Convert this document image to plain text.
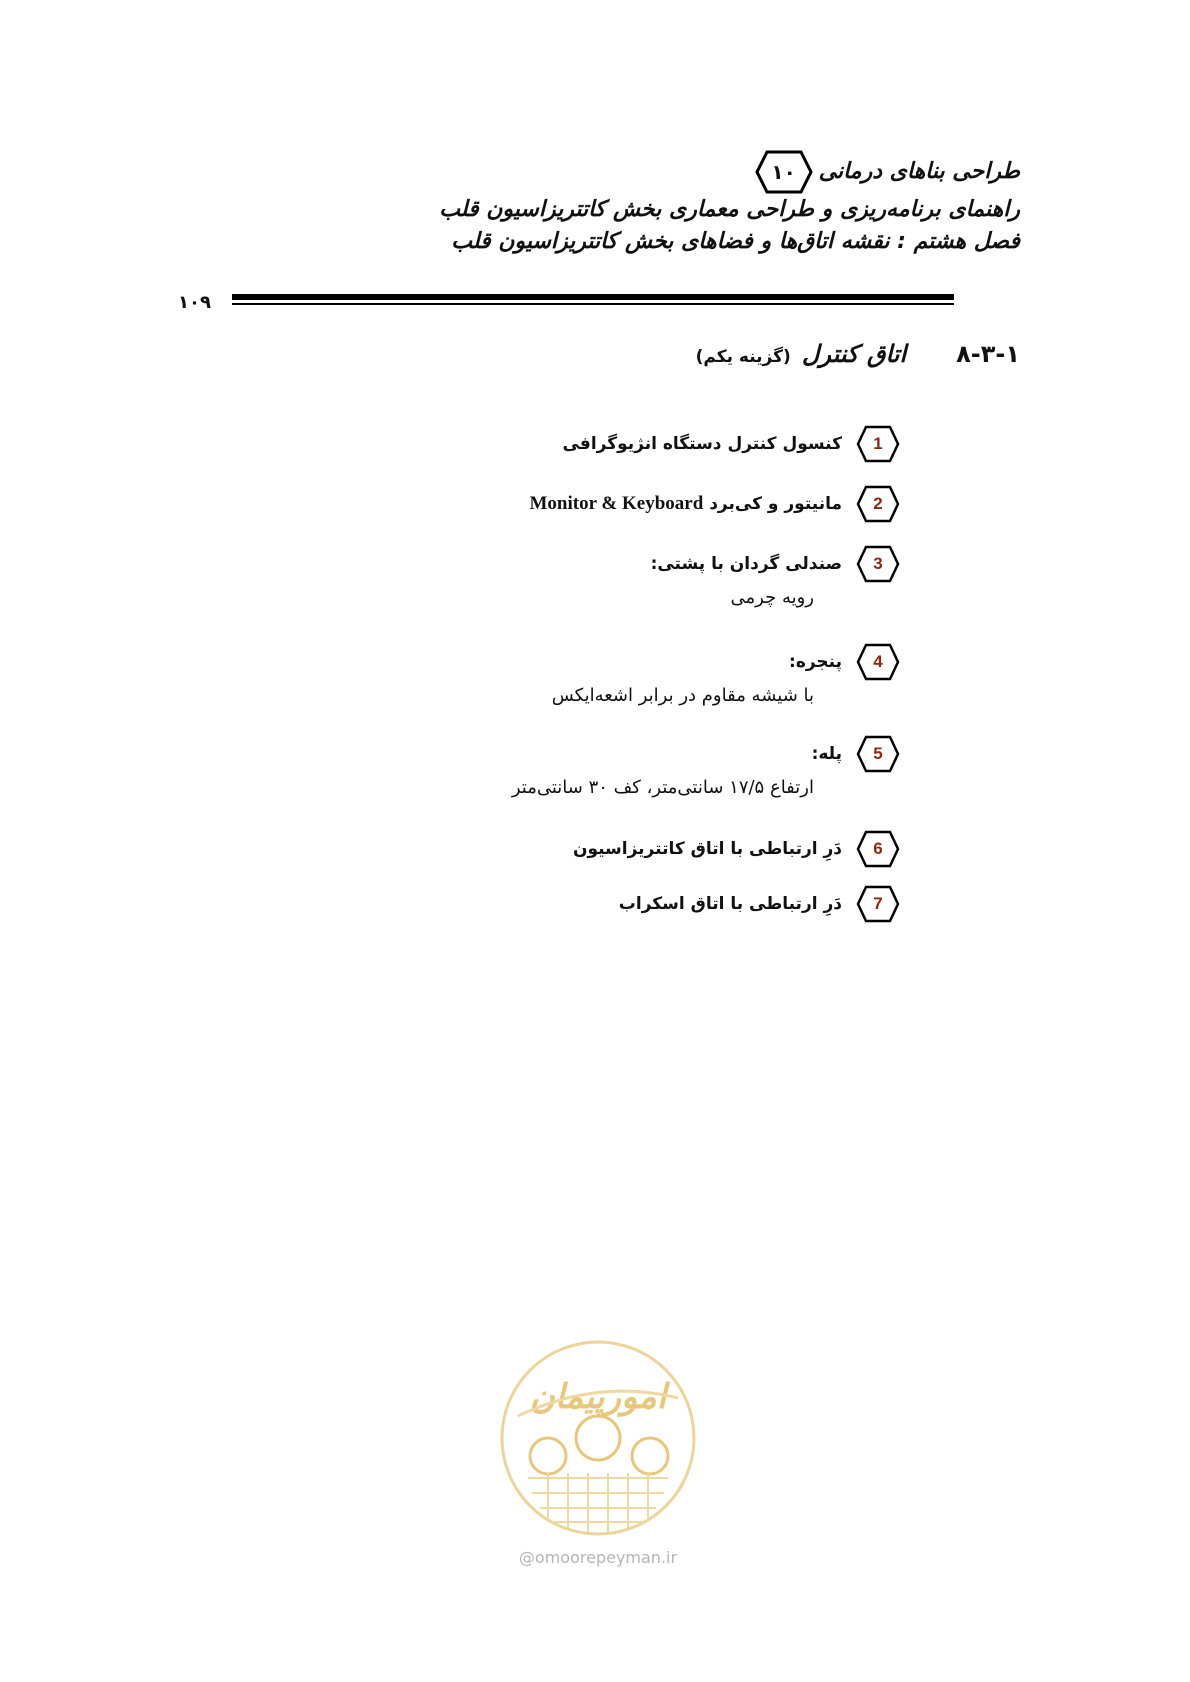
طراحی بناهای درمانی
۱۰
راهنمای برنامه‌ریزی و طراحی معماری بخش کاتتریزاسیون قلب
فصل هشتم : نقشه اتاق‌ها و فضاهای بخش کاتتریزاسیون قلب
۱۰۹
۸-۳-۱
اتاق کنترل (گزینه یکم)
1
کنسول کنترل دستگاه انژیوگرافی
2
مانیتور و کی‌برد Monitor & Keyboard
3
صندلی گردان با پشتی:
رویه چرمی
4
پنجره:
با شیشه مقاوم در برابر اشعه‌ایکس
5
پله:
ارتفاع ۱۷/۵ سانتی‌متر، کف ۳۰ سانتی‌متر
6
دَرِ ارتباطی با اتاق کاتتریزاسیون
7
دَرِ ارتباطی با اتاق اسکراب
امورپیمان
@omoorepeyman.ir
